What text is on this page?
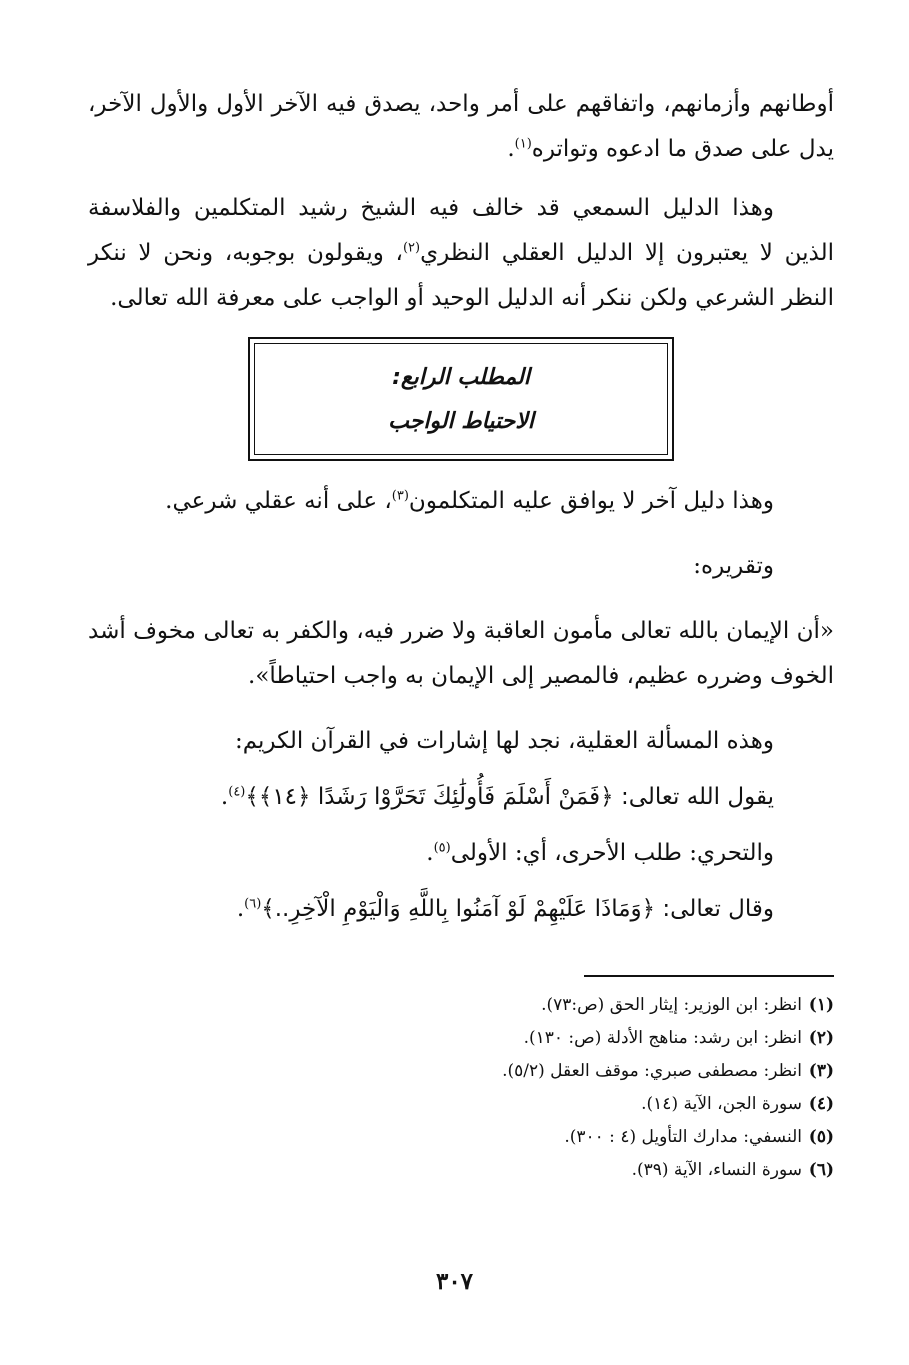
أوطانهم وأزمانهم، واتفاقهم على أمر واحد، يصدق فيه الآخر الأول والأول الآخر، يدل على صدق ما ادعوه وتواتره$^{(١)}$.

وهذا الدليل السمعي قد خالف فيه الشيخ رشيد المتكلمين والفلاسفة الذين لا يعتبرون إلا الدليل العقلي النظري$^{(٢)}$، ويقولون بوجوبه، ونحن لا ننكر النظر الشرعي ولكن ننكر أنه الدليل الوحيد أو الواجب على معرفة الله تعالى.

المطلب الرابع:
الاحتياط الواجب

وهذا دليل آخر لا يوافق عليه المتكلمون$^{(٣)}$، على أنه عقلي شرعي.

وتقريره:

«أن الإيمان بالله تعالى مأمون العاقبة ولا ضرر فيه، والكفر به تعالى مخوف أشد الخوف وضرره عظيم، فالمصير إلى الإيمان به واجب احتياطاً».

وهذه المسألة العقلية، نجد لها إشارات في القرآن الكريم:

يقول الله تعالى: ﴿فَمَنْ أَسْلَمَ فَأُولَٰئِكَ تَحَرَّوْا رَشَدًا ﴿١٤﴾﴾$^{(٤)}$.

والتحري: طلب الأحرى، أي: الأولى$^{(٥)}$.

وقال تعالى: ﴿وَمَاذَا عَلَيْهِمْ لَوْ آمَنُوا بِاللَّهِ وَالْيَوْمِ الْآخِرِ..﴾$^{(٦)}$.

(١)انظر: ابن الوزير: إيثار الحق (ص:٧٣).

(٢)انظر: ابن رشد: مناهج الأدلة (ص: ١٣٠).

(٣)انظر: مصطفى صبري: موقف العقل (٥/٢).

(٤)سورة الجن، الآية (١٤).

(٥)النسفي: مدارك التأويل (٤ : ٣٠٠).

(٦)سورة النساء، الآية (٣٩).

٣٠٧
